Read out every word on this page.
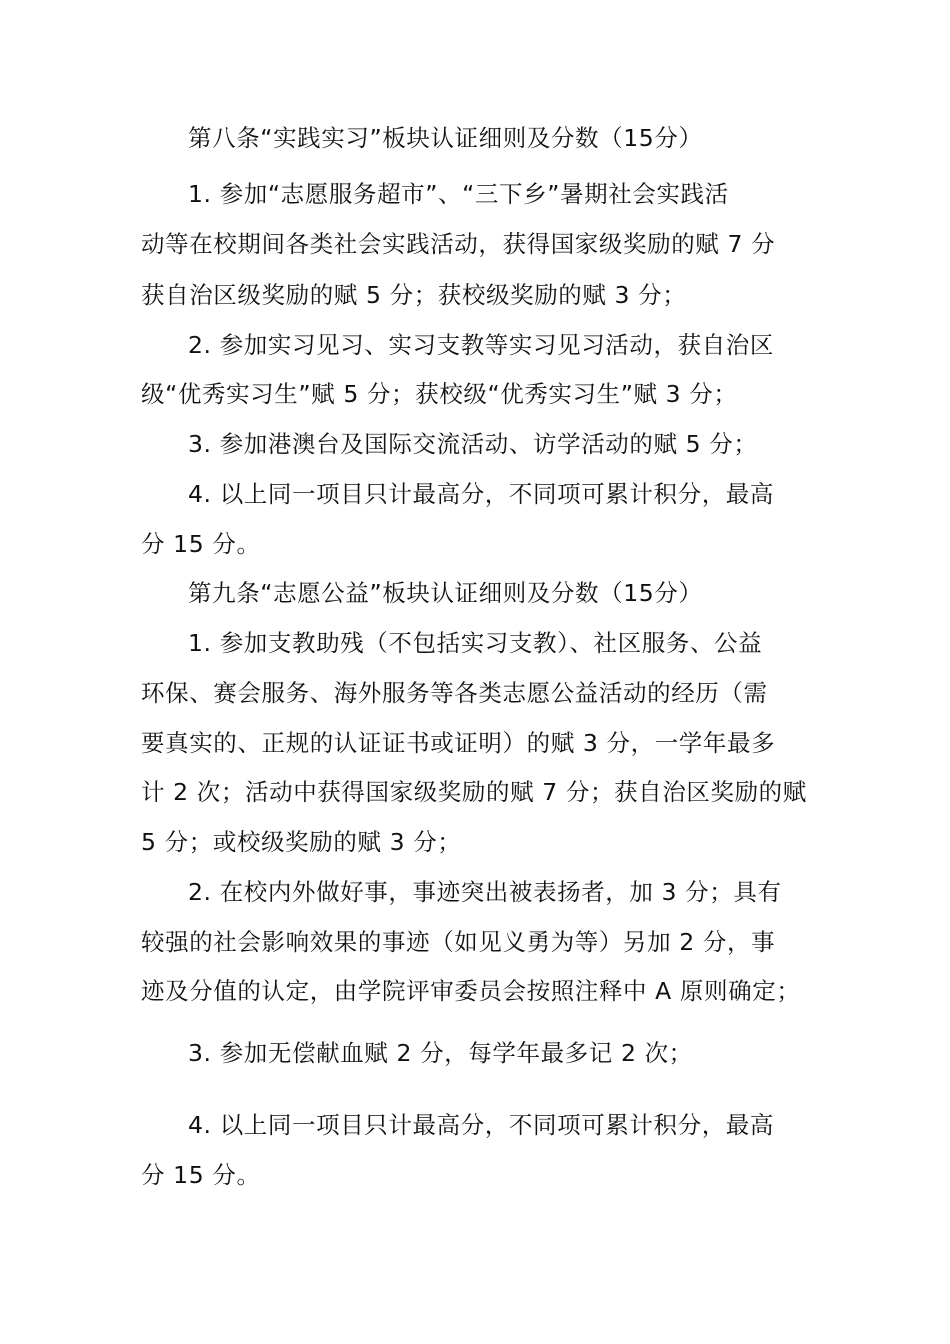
第八条“实践实习”板块认证细则及分数（15分）
1. 参加“志愿服务超市”、“三下乡”暑期社会实践活
动等在校期间各类社会实践活动，获得国家级奖励的赋 7 分
获自治区级奖励的赋 5 分；获校级奖励的赋 3 分；
2. 参加实习见习、实习支教等实习见习活动，获自治区
级“优秀实习生”赋 5 分；获校级“优秀实习生”赋 3 分；
3. 参加港澳台及国际交流活动、访学活动的赋 5 分；
4. 以上同一项目只计最高分，不同项可累计积分，最高
分 15 分。
第九条“志愿公益”板块认证细则及分数（15分）
1. 参加支教助残（不包括实习支教）、社区服务、公益
环保、赛会服务、海外服务等各类志愿公益活动的经历（需
要真实的、正规的认证证书或证明）的赋 3 分，一学年最多
计 2 次；活动中获得国家级奖励的赋 7 分；获自治区奖励的赋
5 分；或校级奖励的赋 3 分；
2. 在校内外做好事，事迹突出被表扬者，加 3 分；具有
较强的社会影响效果的事迹（如见义勇为等）另加 2 分，事
迹及分值的认定，由学院评审委员会按照注释中 A 原则确定；
3. 参加无偿献血赋 2 分，每学年最多记 2 次；
4. 以上同一项目只计最高分，不同项可累计积分，最高
分 15 分。
